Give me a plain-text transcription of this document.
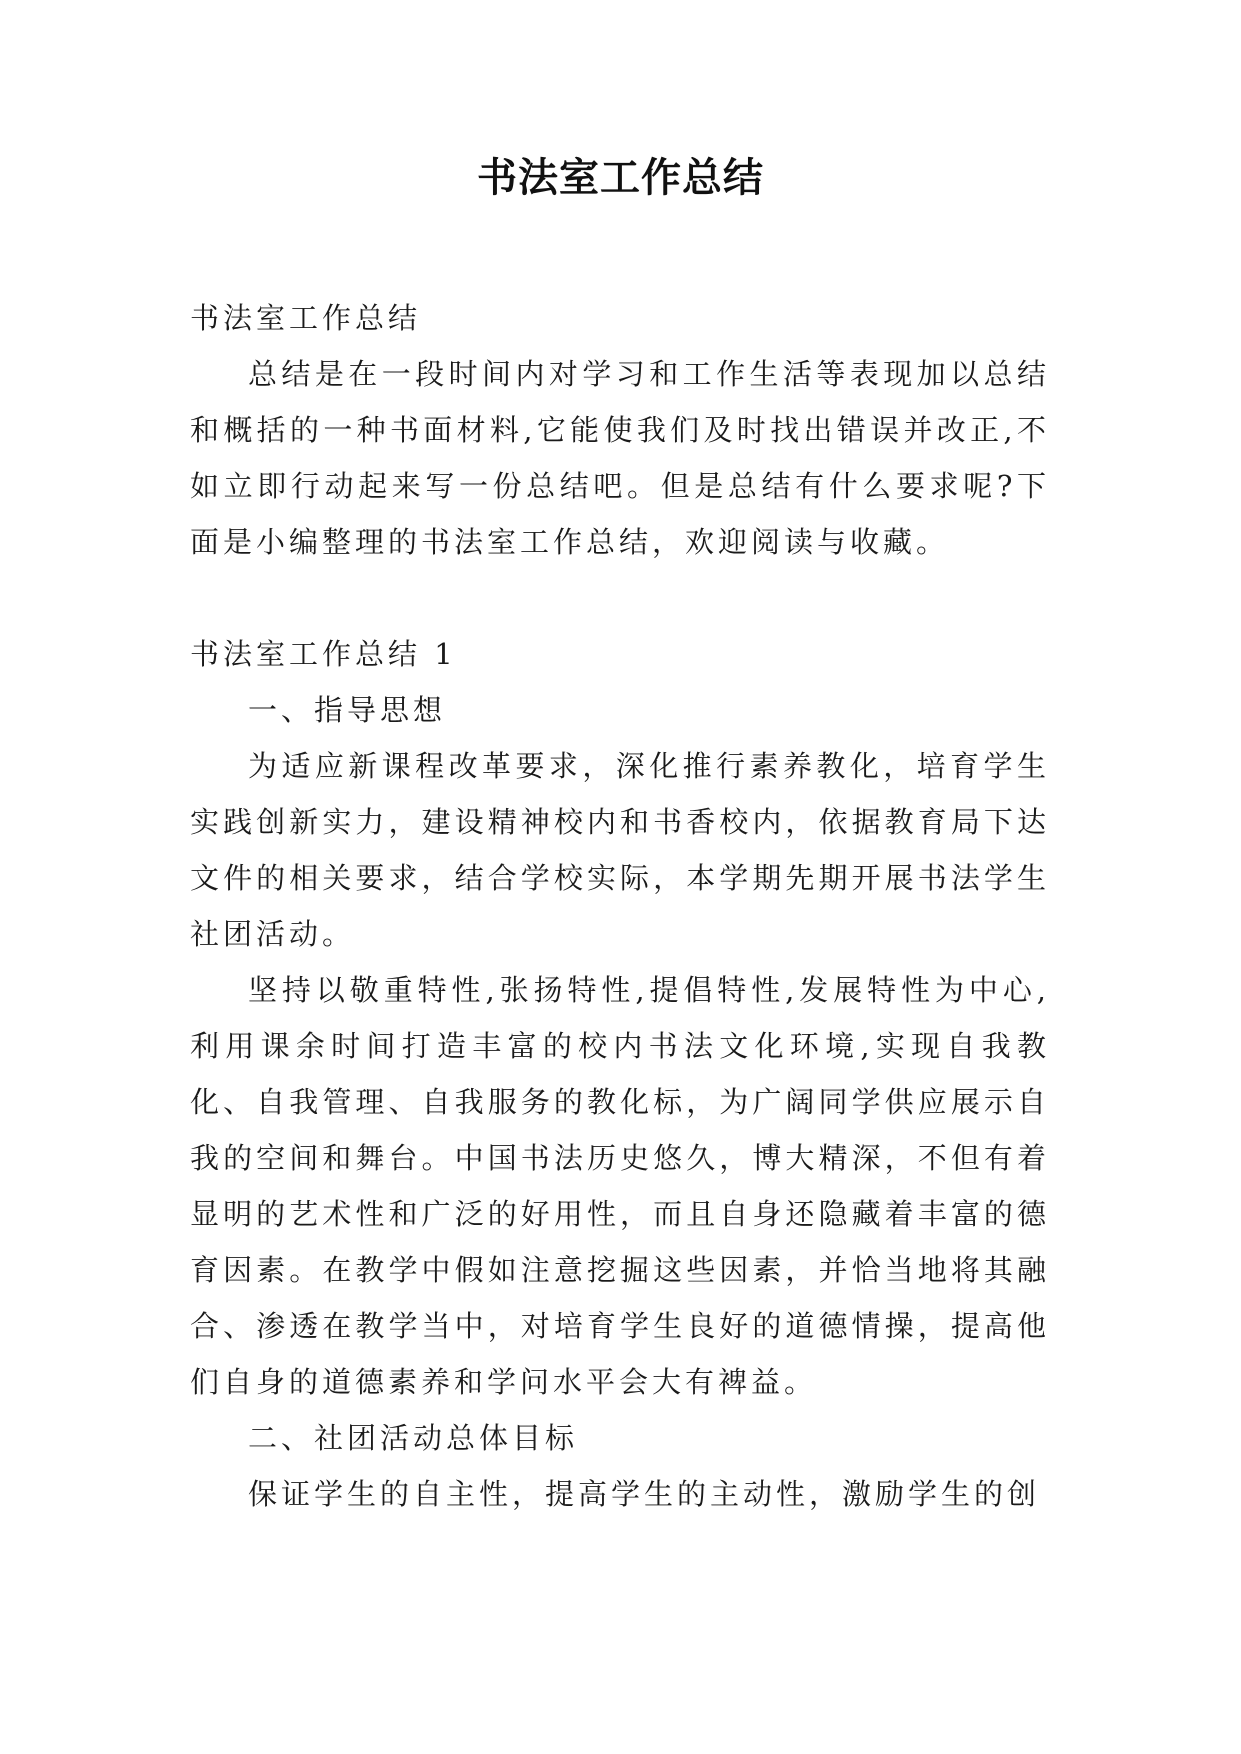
书法室工作总结

书法室工作总结

总结是在一段时间内对学习和工作生活等表现加以总结和概括的一种书面材料,它能使我们及时找出错误并改正,不如立即行动起来写一份总结吧。但是总结有什么要求呢?下面是小编整理的书法室工作总结，欢迎阅读与收藏。

书法室工作总结 1

一、指导思想

为适应新课程改革要求，深化推行素养教化，培育学生实践创新实力，建设精神校内和书香校内，依据教育局下达文件的相关要求，结合学校实际，本学期先期开展书法学生社团活动。

坚持以敬重特性,张扬特性,提倡特性,发展特性为中心,利用课余时间打造丰富的校内书法文化环境,实现自我教化、自我管理、自我服务的教化标，为广阔同学供应展示自我的空间和舞台。中国书法历史悠久，博大精深，不但有着显明的艺术性和广泛的好用性，而且自身还隐藏着丰富的德育因素。在教学中假如注意挖掘这些因素，并恰当地将其融合、渗透在教学当中，对培育学生良好的道德情操，提高他们自身的道德素养和学问水平会大有裨益。

二、社团活动总体目标

保证学生的自主性，提高学生的主动性，激励学生的创
